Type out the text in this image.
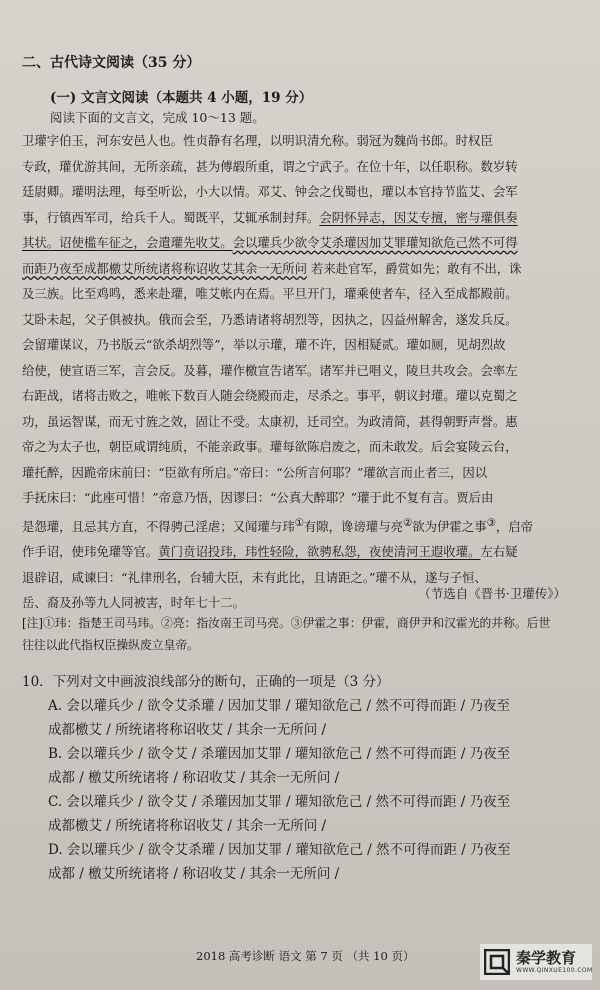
二、古代诗文阅读（35 分）
(一) 文言文阅读（本题共 4 小题，19 分）
阅读下面的文言文，完成 10～13 题。

卫瓘字伯玉，河东安邑人也。性贞静有名理，以明识清允称。弱冠为魏尚书郎。时权臣

专政，瓘优游其间，无所亲疏，甚为傅嘏所重，谓之宁武子。在位十年，以任职称。数岁转

廷尉卿。瓘明法理，每至听讼，小大以情。邓艾、钟会之伐蜀也，瓘以本官持节监艾、会军

事，行镇西军司，给兵千人。蜀既平，艾辄承制封拜。会阴怀异志，因艾专擅，密与瓘俱奏

其状。诏使槛车征之，会遣瓘先收艾。会以瓘兵少欲令艾杀瓘因加艾罪瓘知欲危己然不可得

而距乃夜至成都檄艾所统诸将称诏收艾其余一无所问 若来赴官军，爵赏如先；敢有不出，诛

及三族。比至鸡鸣，悉来赴瓘，唯艾帐内在焉。平旦开门，瓘乘使者车，径入至成都殿前。

艾卧未起，父子俱被执。俄而会至，乃悉请诸将胡烈等，因执之，囚益州解舍，遂发兵反。

会留瓘谋议，乃书版云“欲杀胡烈等”，举以示瓘，瓘不许，因相疑贰。瓘如厕，见胡烈故

给使，使宣语三军，言会反。及暮，瓘作檄宣告诸军。诸军并已唱义，陵旦共攻会。会率左

右距战，诸将击败之，唯帐下数百人随会绕殿而走，尽杀之。事平，朝议封瓘。瓘以克蜀之

功，虽运智谋，而无寸旌之效，固让不受。太康初，迁司空。为政清简，甚得朝野声誉。惠

帝之为太子也，朝臣咸谓纯质，不能亲政事。瓘每欲陈启废之，而未敢发。后会宴陵云台，

瓘托醉，因跪帝床前曰：“臣欲有所启。”帝曰：“公所言何耶？”瓘欲言而止者三，因以

手抚床曰：“此座可惜！”帝意乃悟，因谬曰：“公真大醉耶？”瓘于此不复有言。贾后由

是怨瓘，且忌其方直，不得骋己淫虐；又闻瓘与玮①有隙，谗谤瓘与亮②欲为伊霍之事③，启帝

作手诏，使玮免瓘等官。黄门贲诏投玮，玮性轻险，欲骋私怨，夜使清河王遐收瓘。左右疑

退辟诏，咸谏曰：“礼律刑名，台辅大臣，未有此比，且请距之。”瓘不从，遂与子恒、

岳、裔及孙等九人同被害，时年七十二。

（节选自《晋书·卫瓘传》）

[注]①玮：指楚王司马玮。②亮：指汝南王司马亮。③伊霍之事：伊霍，商伊尹和汉霍光的并称。后世

往往以此代指权臣操纵废立皇帝。

10．下列对文中画波浪线部分的断句，正确的一项是（3 分）

A. 会以瓘兵少 / 欲令艾杀瓘 / 因加艾罪 / 瓘知欲危己 / 然不可得而距 / 乃夜至

成都檄艾 / 所统诸将称诏收艾 / 其余一无所问 /

B. 会以瓘兵少 / 欲令艾 / 杀瓘因加艾罪 / 瓘知欲危己 / 然不可得而距 / 乃夜至

成都 / 檄艾所统诸将 / 称诏收艾 / 其余一无所问 /

C. 会以瓘兵少 / 欲令艾 / 杀瓘因加艾罪 / 瓘知欲危己 / 然不可得而距 / 乃夜至

成都檄艾 / 所统诸将称诏收艾 / 其余一无所问 /

D. 会以瓘兵少 / 欲令艾杀瓘 / 因加艾罪 / 瓘知欲危己 / 然不可得而距 / 乃夜至

成都 / 檄艾所统诸将 / 称诏收艾 / 其余一无所问 /

2018 高考诊断 语文 第 7 页 （共 10 页）	秦学教育
WWW.QINXUE100.COM
